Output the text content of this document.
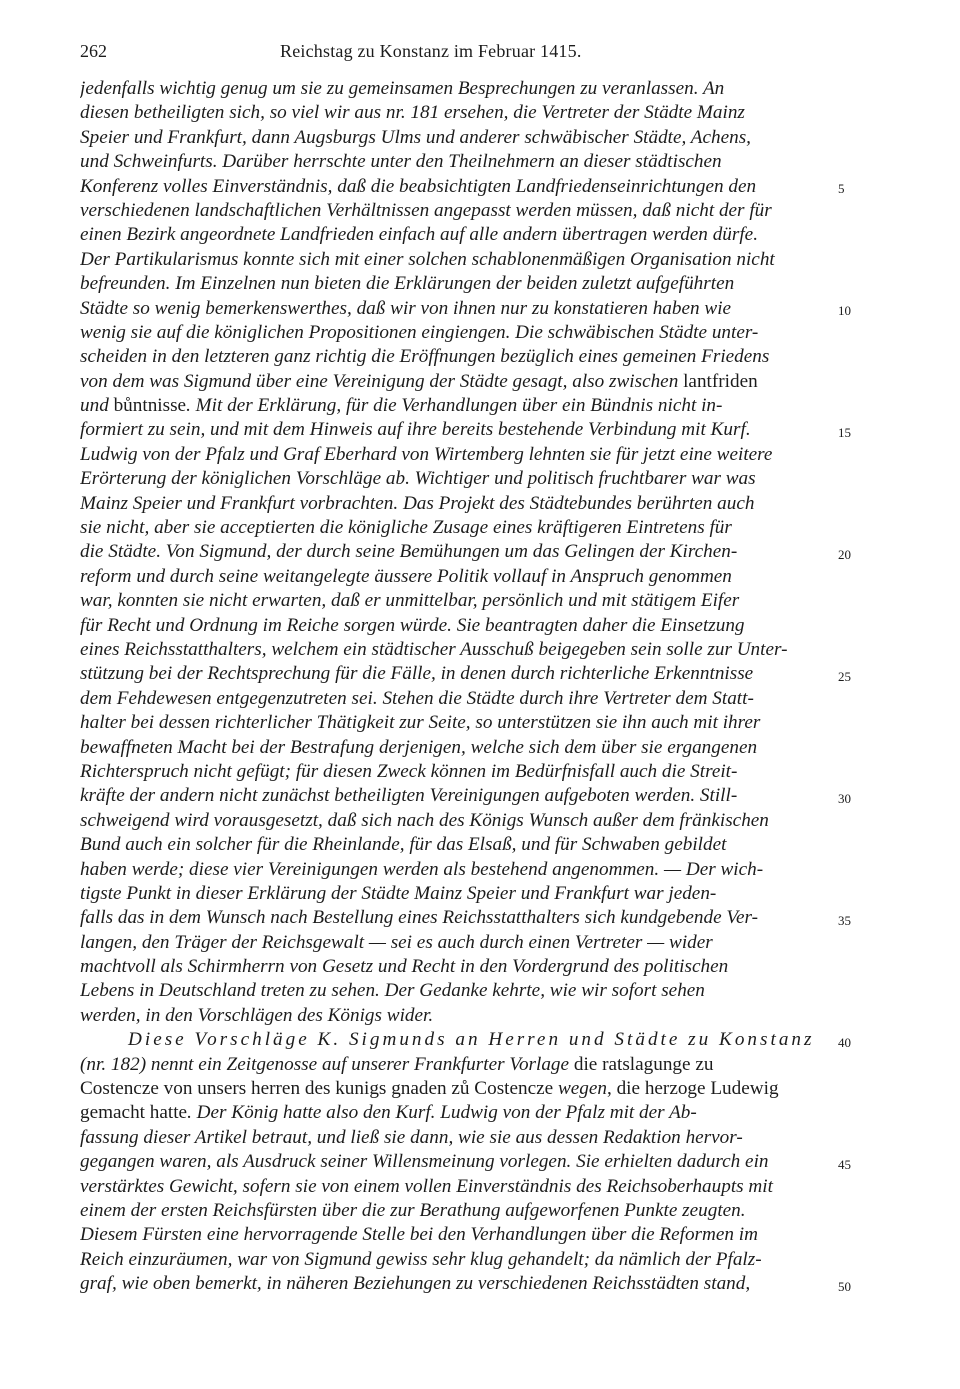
262	Reichstag zu Konstanz im Februar 1415.
jedenfalls wichtig genug um sie zu gemeinsamen Besprechungen zu veranlassen. An
diesen betheiligten sich, so viel wir aus nr. 181 ersehen, die Vertreter der Städte Mainz
Speier und Frankfurt, dann Augsburgs Ulms und anderer schwäbischer Städte, Achens,
und Schweinfurts. Darüber herrschte unter den Theilnehmern an dieser städtischen
Konferenz volles Einverständnis, daß die beabsichtigten Landfriedenseinrichtungen den
verschiedenen landschaftlichen Verhältnissen angepasst werden müssen, daß nicht der für
einen Bezirk angeordnete Landfrieden einfach auf alle andern übertragen werden dürfe.
Der Partikularismus konnte sich mit einer solchen schablonenmäßigen Organisation nicht
befreunden. Im Einzelnen nun bieten die Erklärungen der beiden zuletzt aufgeführten
Städte so wenig bemerkenswerthes, daß wir von ihnen nur zu konstatieren haben wie
wenig sie auf die königlichen Propositionen eingiengen. Die schwäbischen Städte unter-
scheiden in den letzteren ganz richtig die Eröffnungen bezüglich eines gemeinen Friedens
von dem was Sigmund über eine Vereinigung der Städte gesagt, also zwischen lantfriden
und bůntnisse. Mit der Erklärung, für die Verhandlungen über ein Bündnis nicht in-
formiert zu sein, und mit dem Hinweis auf ihre bereits bestehende Verbindung mit Kurf.
Ludwig von der Pfalz und Graf Eberhard von Wirtemberg lehnten sie für jetzt eine weitere
Erörterung der königlichen Vorschläge ab. Wichtiger und politisch fruchtbarer war was
Mainz Speier und Frankfurt vorbrachten. Das Projekt des Städtebundes berührten auch
sie nicht, aber sie acceptierten die königliche Zusage eines kräftigeren Eintretens für
die Städte. Von Sigmund, der durch seine Bemühungen um das Gelingen der Kirchen-
reform und durch seine weitangelegte äussere Politik vollauf in Anspruch genommen
war, konnten sie nicht erwarten, daß er unmittelbar, persönlich und mit stätigem Eifer
für Recht und Ordnung im Reiche sorgen würde. Sie beantragten daher die Einsetzung
eines Reichsstatthalters, welchem ein städtischer Ausschuß beigegeben sein solle zur Unter-
stützung bei der Rechtsprechung für die Fälle, in denen durch richterliche Erkenntnisse
dem Fehdewesen entgegenzutreten sei. Stehen die Städte durch ihre Vertreter dem Statt-
halter bei dessen richterlicher Thätigkeit zur Seite, so unterstützen sie ihn auch mit ihrer
bewaffneten Macht bei der Bestrafung derjenigen, welche sich dem über sie ergangenen
Richterspruch nicht gefügt; für diesen Zweck können im Bedürfnisfall auch die Streit-
kräfte der andern nicht zunächst betheiligten Vereinigungen aufgeboten werden. Still-
schweigend wird vorausgesetzt, daß sich nach des Königs Wunsch außer dem fränkischen
Bund auch ein solcher für die Rheinlande, für das Elsaß, und für Schwaben gebildet
haben werde; diese vier Vereinigungen werden als bestehend angenommen. — Der wich-
tigste Punkt in dieser Erklärung der Städte Mainz Speier und Frankfurt war jeden-
falls das in dem Wunsch nach Bestellung eines Reichsstatthalters sich kundgebende Ver-
langen, den Träger der Reichsgewalt — sei es auch durch einen Vertreter — wider
machtvoll als Schirmherrn von Gesetz und Recht in den Vordergrund des politischen
Lebens in Deutschland treten zu sehen. Der Gedanke kehrte, wie wir sofort sehen
werden, in den Vorschlägen des Königs wider.
Diese Vorschläge K. Sigmunds an Herren und Städte zu Konstanz
(nr. 182) nennt ein Zeitgenosse auf unserer Frankfurter Vorlage die ratslagunge zu
Costencze von unsers herren des kunigs gnaden zů Costencze wegen, die herzoge Ludewig
gemacht hatte. Der König hatte also den Kurf. Ludwig von der Pfalz mit der Ab-
fassung dieser Artikel betraut, und ließ sie dann, wie sie aus dessen Redaktion hervor-
gegangen waren, als Ausdruck seiner Willensmeinung vorlegen. Sie erhielten dadurch ein
verstärktes Gewicht, sofern sie von einem vollen Einverständnis des Reichsoberhaupts mit
einem der ersten Reichsfürsten über die zur Berathung aufgeworfenen Punkte zeugten.
Diesem Fürsten eine hervorragende Stelle bei den Verhandlungen über die Reformen im
Reich einzuräumen, war von Sigmund gewiss sehr klug gehandelt; da nämlich der Pfalz-
graf, wie oben bemerkt, in näheren Beziehungen zu verschiedenen Reichsstädten stand,
5
10
15
20
25
30
35
40
45
50
